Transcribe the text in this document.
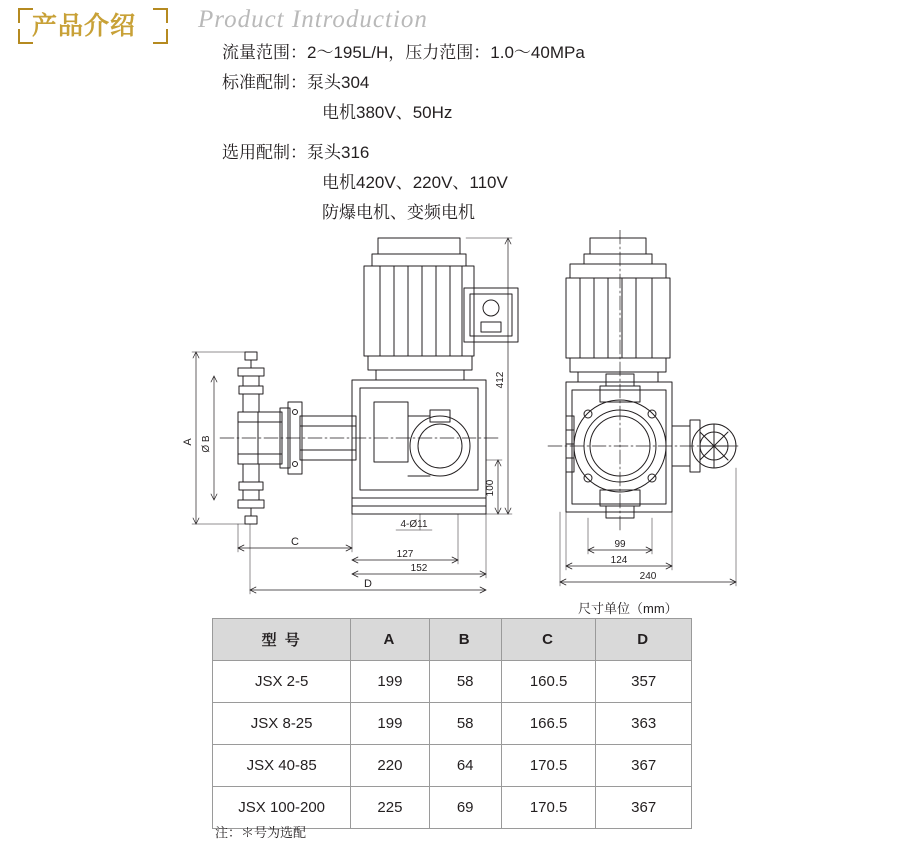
产品介绍 Product Introduction
流量范围：2～195L/H，压力范围：1.0～40MPa
标准配制：泵头304
电机380V、50Hz
选用配制：泵头316
电机420V、220V、110V
防爆电机、变频电机
412
100
A Ø B
C
127
152
D
4-Ø11
99
124
240
尺寸单位（mm）
型 号	A	B	C	D
JSX 2-5	199	58	160.5	357
JSX 8-25	199	58	166.5	363
JSX 40-85	220	64	170.5	367
JSX 100-200	225	69	170.5	367
注：＊号为选配
